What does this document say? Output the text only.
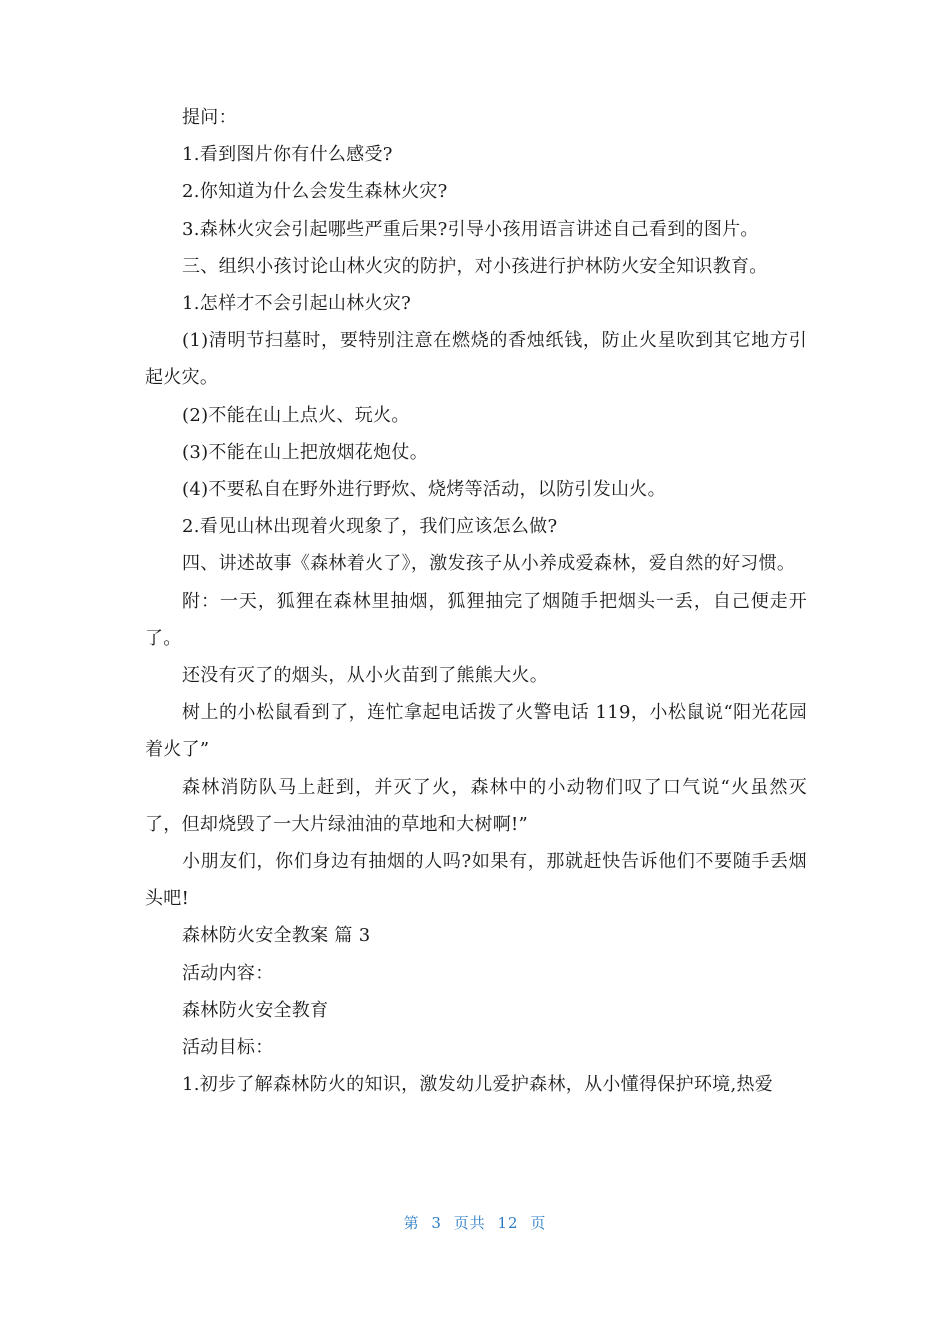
提问：

1.看到图片你有什么感受?

2.你知道为什么会发生森林火灾?

3.森林火灾会引起哪些严重后果?引导小孩用语言讲述自己看到的图片。

三、组织小孩讨论山林火灾的防护，对小孩进行护林防火安全知识教育。

1.怎样才不会引起山林火灾?

(1)清明节扫墓时，要特别注意在燃烧的香烛纸钱，防止火星吹到其它地方引起火灾。

(2)不能在山上点火、玩火。

(3)不能在山上把放烟花炮仗。

(4)不要私自在野外进行野炊、烧烤等活动，以防引发山火。

2.看见山林出现着火现象了，我们应该怎么做?

四、讲述故事《森林着火了》，激发孩子从小养成爱森林，爱自然的好习惯。

附：一天，狐狸在森林里抽烟，狐狸抽完了烟随手把烟头一丢，自己便走开了。

还没有灭了的烟头，从小火苗到了熊熊大火。

树上的小松鼠看到了，连忙拿起电话拨了火警电话 119，小松鼠说“阳光花园着火了”

森林消防队马上赶到，并灭了火，森林中的小动物们叹了口气说“火虽然灭了，但却烧毁了一大片绿油油的草地和大树啊!”

小朋友们，你们身边有抽烟的人吗?如果有，那就赶快告诉他们不要随手丢烟头吧!

森林防火安全教案 篇 3

活动内容：

森林防火安全教育

活动目标：

1.初步了解森林防火的知识，激发幼儿爱护森林，从小懂得保护环境,热爱

第 3 页共 12 页
